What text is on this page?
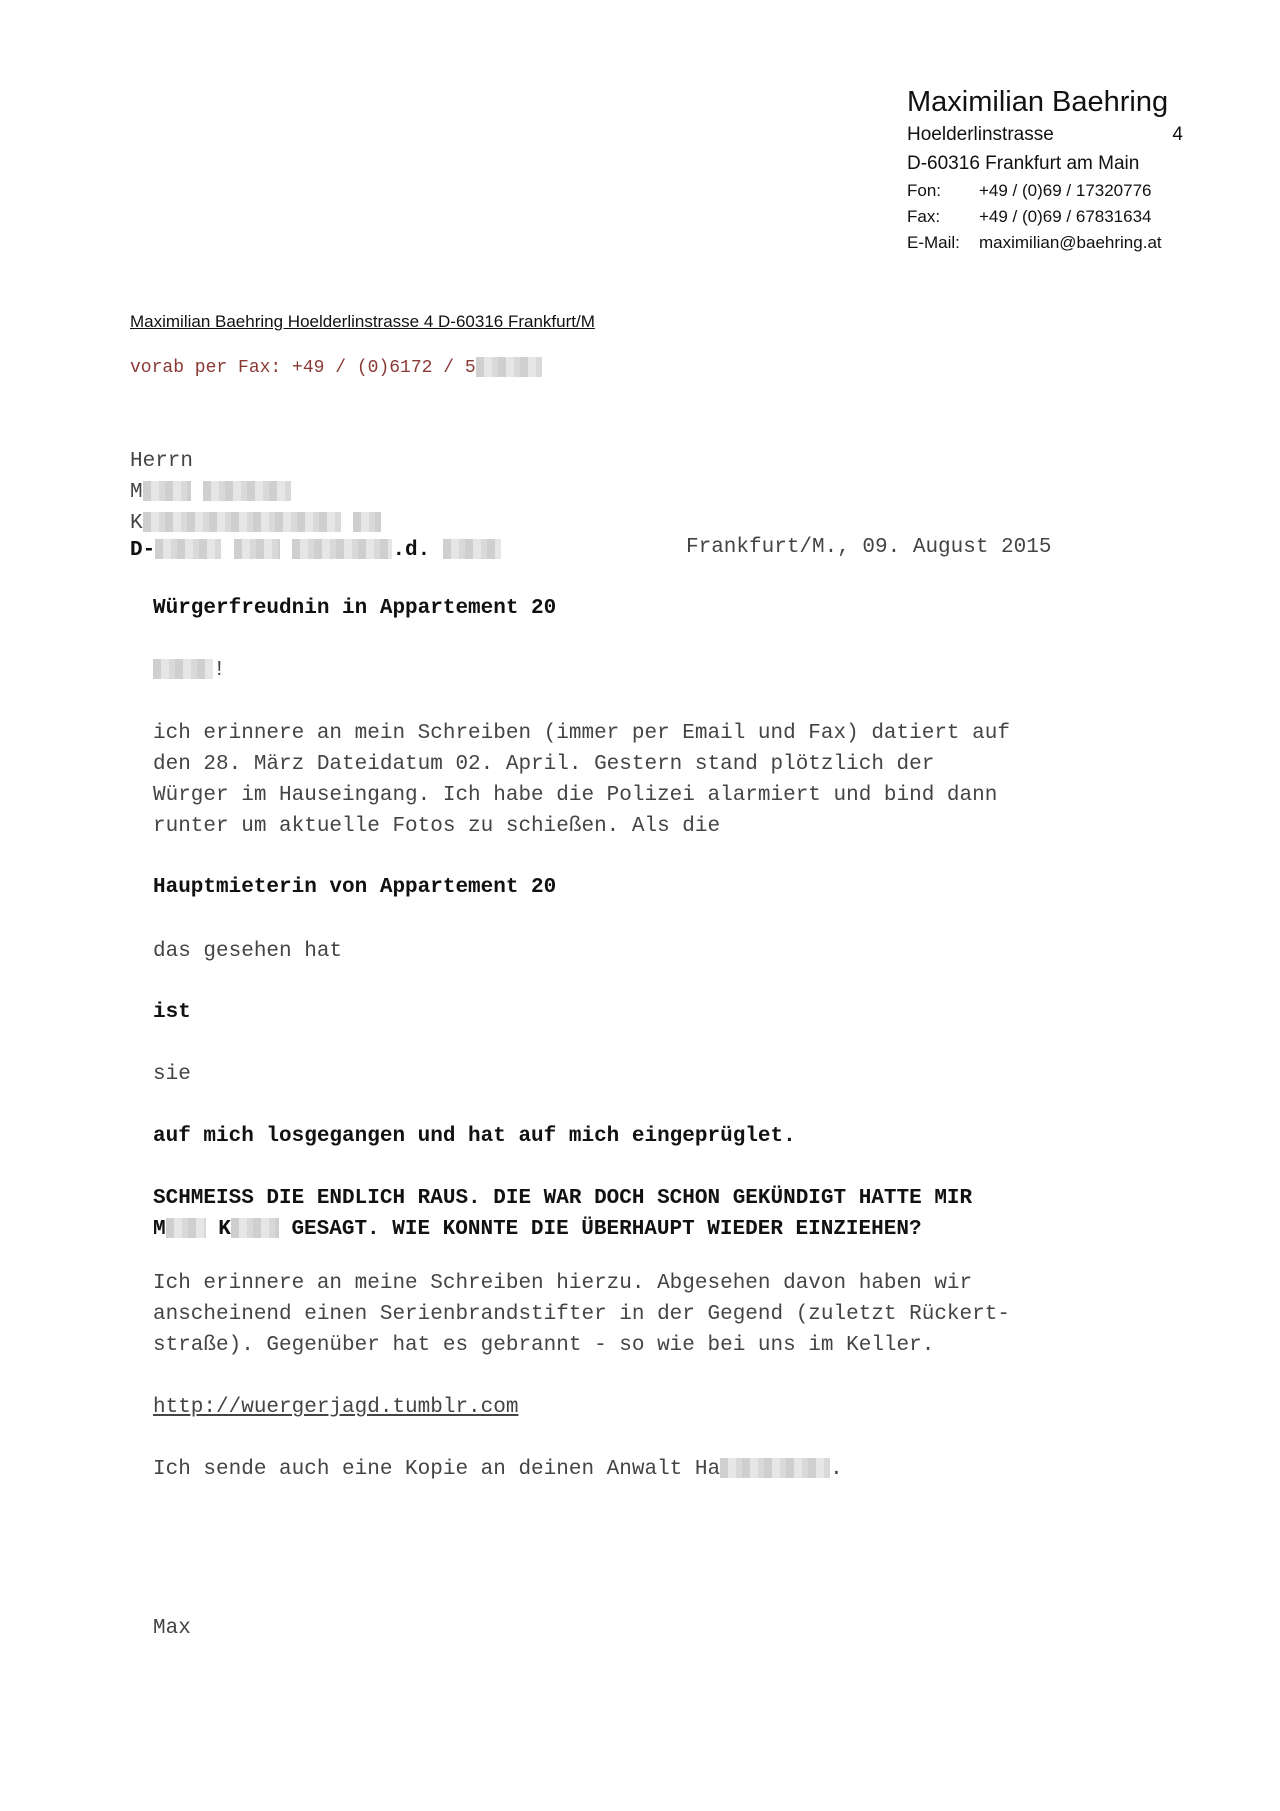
Maximilian Baehring
Hoelderlinstrasse	4
D-60316 Frankfurt am Main
Fon:	+49 / (0)69 / 17320776
Fax:	+49 / (0)69 / 67831634
E-Mail:	maximilian@baehring.at
Maximilian Baehring Hoelderlinstrasse 4 D-60316 Frankfurt/M
vorab per Fax: +49 / (0)6172 / 5

Herrn
M
K
D-	.d.	Frankfurt/M., 09. August 2015
Würgerfreudnin in Appartement 20
!
ich erinnere an mein Schreiben (immer per Email und Fax) datiert auf
den 28. März Dateidatum 02. April. Gestern stand plötzlich der
Würger im Hauseingang. Ich habe die Polizei alarmiert und bind dann
runter um aktuelle Fotos zu schießen. Als die
Hauptmieterin von Appartement 20
das gesehen hat
ist
sie
auf mich losgegangen und hat auf mich eingeprüglet.
SCHMEISS DIE ENDLICH RAUS. DIE WAR DOCH SCHON GEKÜNDIGT HATTE MIR
M	K	GESAGT. WIE KONNTE DIE ÜBERHAUPT WIEDER EINZIEHEN?
Ich erinnere an meine Schreiben hierzu. Abgesehen davon haben wir
anscheinend einen Serienbrandstifter in der Gegend (zuletzt Rückert-
straße). Gegenüber hat es gebrannt - so wie bei uns im Keller.
http://wuergerjagd.tumblr.com
Ich sende auch eine Kopie an deinen Anwalt Ha	.
Max
